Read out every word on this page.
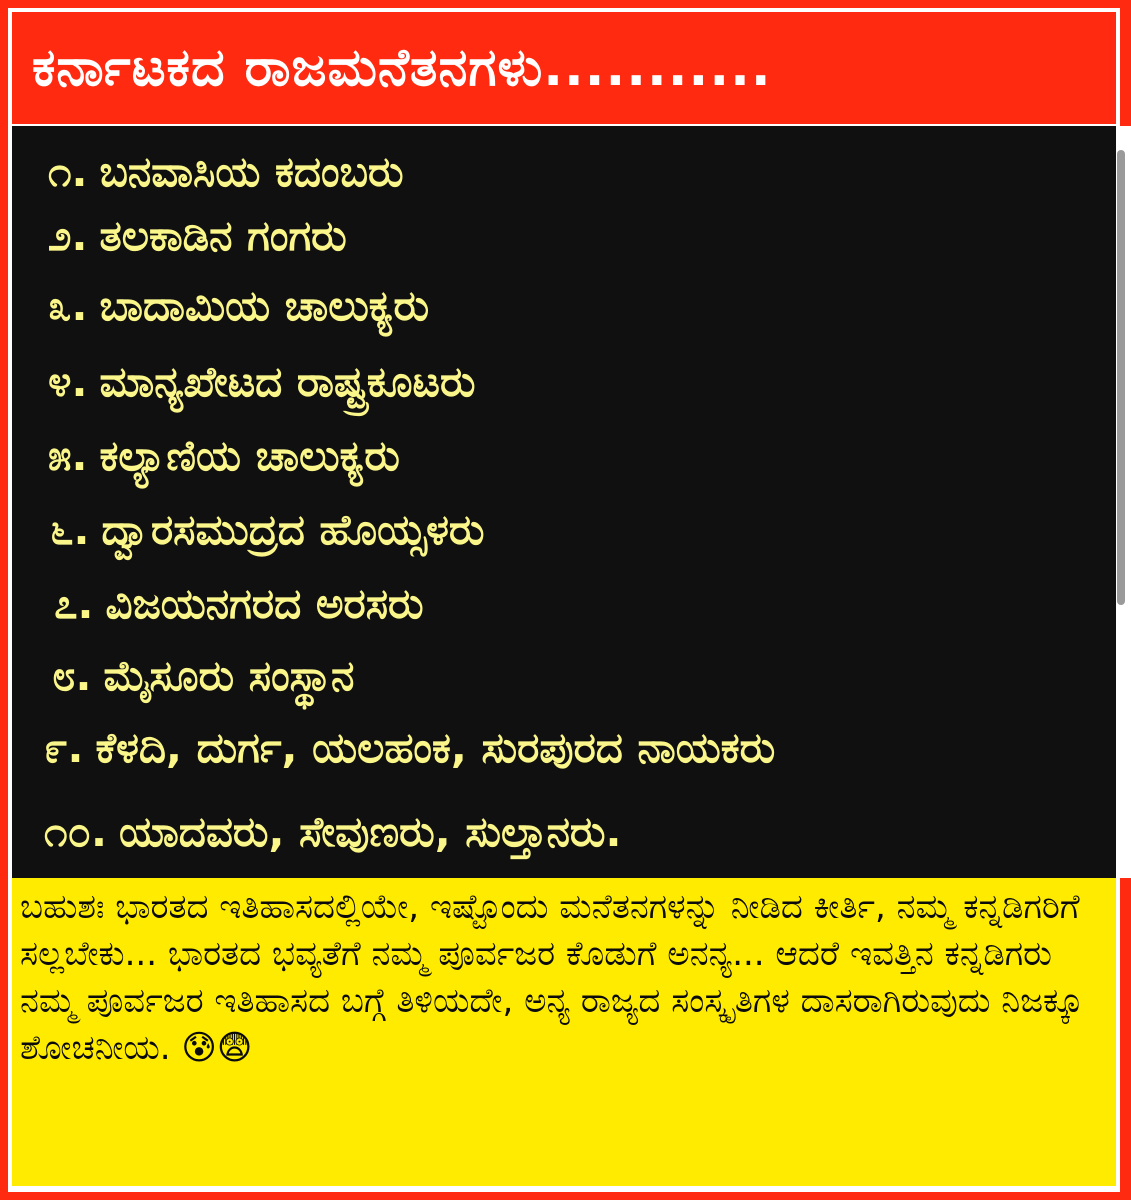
ಕರ್ನಾಟಕದ ರಾಜಮನೆತನಗಳು...........
೧. ಬನವಾಸಿಯ ಕದಂಬರು
೨. ತಲಕಾಡಿನ ಗಂಗರು
೩. ಬಾದಾಮಿಯ ಚಾಲುಕ್ಯರು
೪. ಮಾನ್ಯಖೇಟದ ರಾಷ್ಟ್ರಕೂಟರು
೫. ಕಲ್ಯಾಣಿಯ ಚಾಲುಕ್ಯರು
೬. ದ್ವಾರಸಮುದ್ರದ ಹೊಯ್ಸಳರು
೭. ವಿಜಯನಗರದ ಅರಸರು
೮. ಮೈಸೂರು ಸಂಸ್ಥಾನ
೯. ಕೆಳದಿ, ದುರ್ಗ, ಯಲಹಂಕ, ಸುರಪುರದ ನಾಯಕರು
೧೦. ಯಾದವರು, ಸೇವುಣರು, ಸುಲ್ತಾನರು.
ಬಹುಶಃ ಭಾರತದ ಇತಿಹಾಸದಲ್ಲಿಯೇ, ಇಷ್ಟೊಂದು ಮನೆತನಗಳನ್ನು ನೀಡಿದ ಕೀರ್ತಿ, ನಮ್ಮ ಕನ್ನಡಿಗರಿಗೆ ಸಲ್ಲಬೇಕು... ಭಾರತದ ಭವ್ಯತೆಗೆ ನಮ್ಮ ಪೂರ್ವಜರ ಕೊಡುಗೆ ಅನನ್ಯ... ಆದರೆ ಇವತ್ತಿನ ಕನ್ನಡಿಗರು ನಮ್ಮ ಪೂರ್ವಜರ ಇತಿಹಾಸದ ಬಗ್ಗೆ ತಿಳಿಯದೇ, ಅನ್ಯ ರಾಜ್ಯದ ಸಂಸ್ಕೃತಿಗಳ ದಾಸರಾಗಿರುವುದು ನಿಜಕ್ಕೂ ಶೋಚನೀಯ. 😰😨
